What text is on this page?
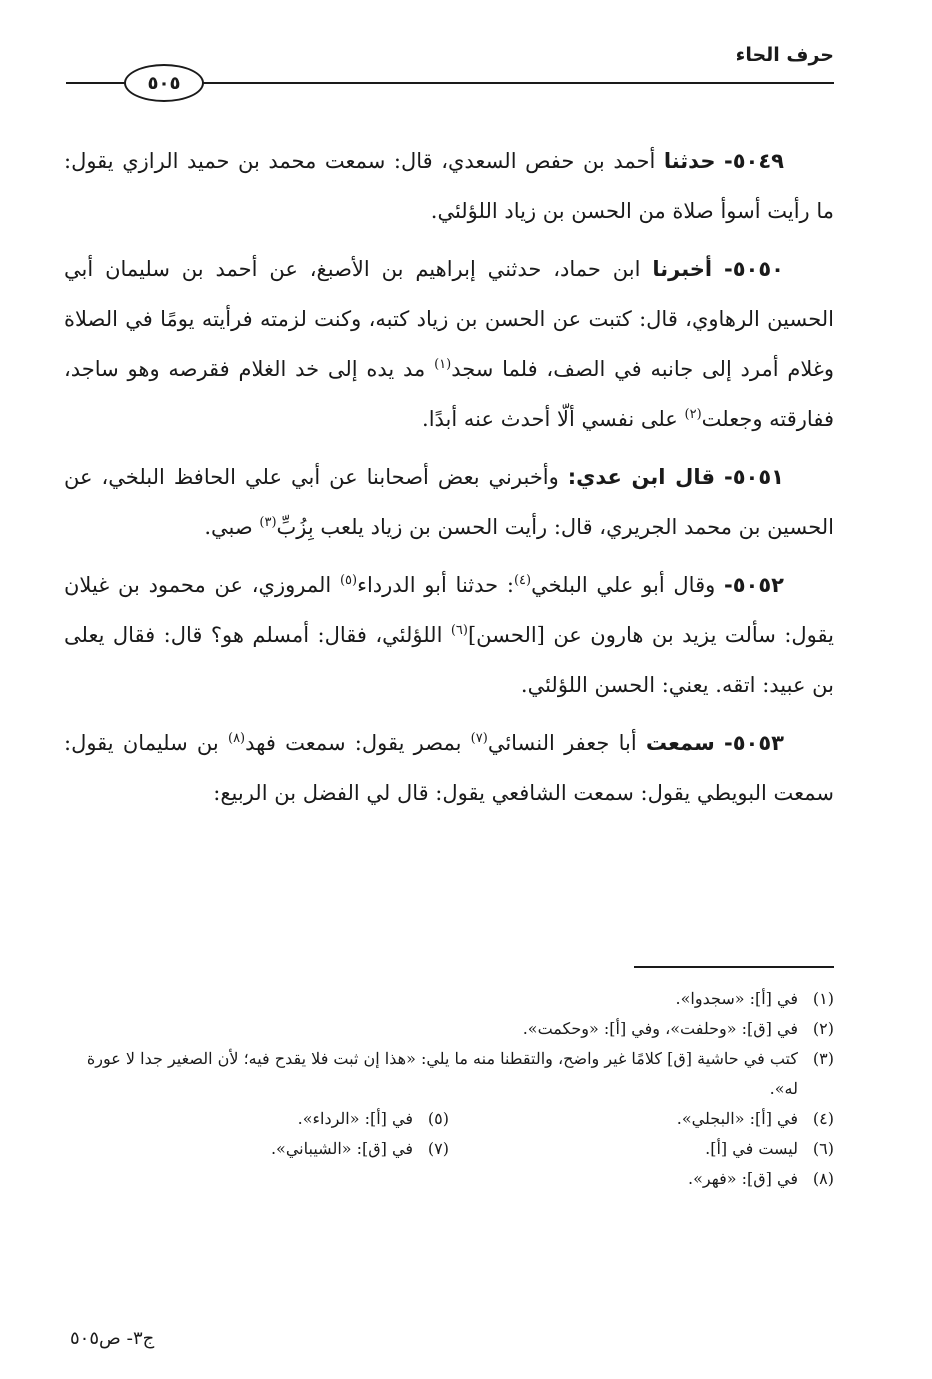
حرف الحاء
٥٠٥

٥٠٤٩- حدثنا أحمد بن حفص السعدي، قال: سمعت محمد بن حميد الرازي يقول: ما رأيت أسوأ صلاة من الحسن بن زياد اللؤلئي.

٥٠٥٠- أخبرنا ابن حماد، حدثني إبراهيم بن الأصبغ، عن أحمد بن سليمان أبي الحسين الرهاوي، قال: كتبت عن الحسن بن زياد كتبه، وكنت لزمته فرأيته يومًا في الصلاة وغلام أمرد إلى جانبه في الصف، فلما سجد$^{(١)}$ مد يده إلى خد الغلام فقرصه وهو ساجد، ففارقته وجعلت$^{(٢)}$ على نفسي ألّا أحدث عنه أبدًا.

٥٠٥١- قال ابن عدي: وأخبرني بعض أصحابنا عن أبي علي الحافظ البلخي، عن الحسين بن محمد الجريري، قال: رأيت الحسن بن زياد يلعب بِزُبِّ$^{(٣)}$ صبي.

٥٠٥٢- وقال أبو علي البلخي$^{(٤)}$: حدثنا أبو الدرداء$^{(٥)}$ المروزي، عن محمود بن غيلان يقول: سألت يزيد بن هارون عن [الحسن]$^{(٦)}$ اللؤلئي، فقال: أمسلم هو؟ قال: فقال يعلى بن عبيد: اتقه. يعني: الحسن اللؤلئي.

٥٠٥٣- سمعت أبا جعفر النسائي$^{(٧)}$ بمصر يقول: سمعت فهد$^{(٨)}$ بن سليمان يقول: سمعت البويطي يقول: سمعت الشافعي يقول: قال لي الفضل بن الربيع:

(١)
في [أ]: «سجدوا».

(٢)
في [ق]: «وحلفت»، وفي [أ]: «وحكمت».

(٣)
كتب في حاشية [ق] كلامًا غير واضح، والتقطنا منه ما يلي: «هذا إن ثبت فلا يقدح فيه؛ لأن الصغير جدا لا عورة له».

(٤)
في [أ]: «البجلي».

(٥)
في [أ]: «الرداء».

(٦)
ليست في [أ].

(٧)
في [ق]: «الشيباني».

(٨)
في [ق]: «فهر».

ج٣- ص٥٠٥
